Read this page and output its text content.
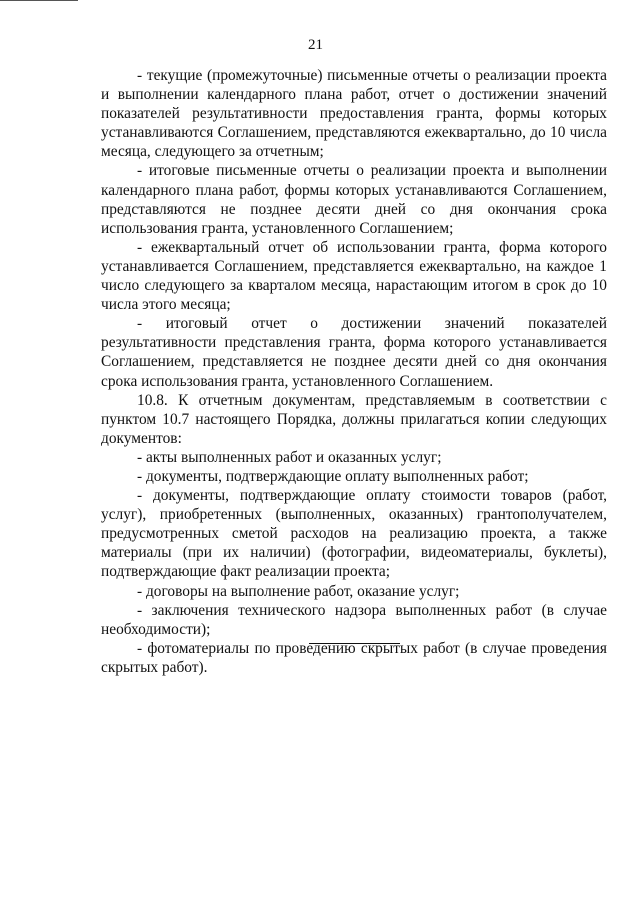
21

- текущие (промежуточные) письменные отчеты о реализации проекта и выполнении календарного плана работ, отчет о достижении значений показателей результативности предоставления гранта, формы которых устанавливаются Соглашением, представляются ежеквартально, до 10 числа месяца, следующего за отчетным;

- итоговые письменные отчеты о реализации проекта и выполнении календарного плана работ, формы которых устанавливаются Соглашением, представляются не позднее десяти дней со дня окончания срока использования гранта, установленного Соглашением;

- ежеквартальный отчет об использовании гранта, форма которого устанавливается Соглашением, представляется ежеквартально, на каждое 1 число следующего за кварталом месяца, нарастающим итогом в срок до 10 числа этого месяца;

- итоговый отчет о достижении значений показателей результативности представления гранта, форма которого устанавливается Соглашением, представляется не позднее десяти дней со дня окончания срока использования гранта, установленного Соглашением.

10.8. К отчетным документам, представляемым в соответствии с пунктом 10.7 настоящего Порядка, должны прилагаться копии следующих документов:

- акты выполненных работ и оказанных услуг;

- документы, подтверждающие оплату выполненных работ;

- документы, подтверждающие оплату стоимости товаров (работ, услуг), приобретенных (выполненных, оказанных) грантополучателем, предусмотренных сметой расходов на реализацию проекта, а также материалы (при их наличии) (фотографии, видеоматериалы, буклеты), подтверждающие факт реализации проекта;

- договоры на выполнение работ, оказание услуг;

- заключения технического надзора выполненных работ (в случае необходимости);

- фотоматериалы по проведению скрытых работ (в случае проведения скрытых работ).
